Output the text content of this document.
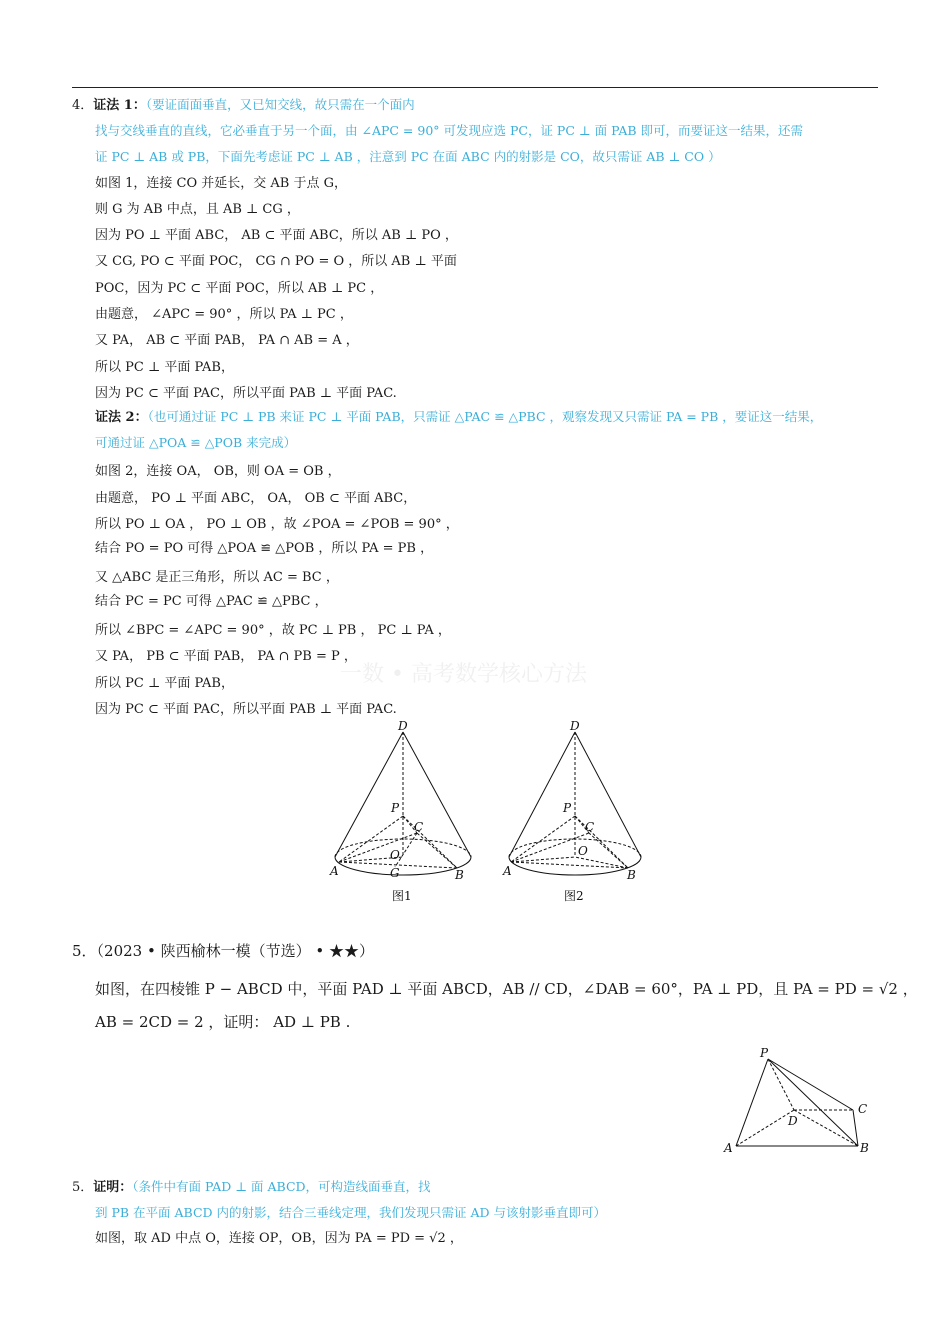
一数 • 高考数学核心方法
4．证法 1：（要证面面垂直，又已知交线，故只需在一个面内
找与交线垂直的直线，它必垂直于另一个面，由 ∠APC = 90° 可发现应选 PC，证 PC ⊥ 面 PAB 即可，而要证这一结果，还需
证 PC ⊥ AB 或 PB，下面先考虑证 PC ⊥ AB ，注意到 PC 在面 ABC 内的射影是 CO，故只需证 AB ⊥ CO ）
如图 1，连接 CO 并延长，交 AB 于点 G，
则 G 为 AB 中点，且 AB ⊥ CG ，
因为 PO ⊥ 平面 ABC， AB ⊂ 平面 ABC，所以 AB ⊥ PO ，
又 CG, PO ⊂ 平面 POC， CG ∩ PO = O ，所以 AB ⊥ 平面
POC，因为 PC ⊂ 平面 POC，所以 AB ⊥ PC ，
由题意， ∠APC = 90° ，所以 PA ⊥ PC ，
又 PA， AB ⊂ 平面 PAB， PA ∩ AB = A ，
所以 PC ⊥ 平面 PAB，
因为 PC ⊂ 平面 PAC，所以平面 PAB ⊥ 平面 PAC.
证法 2：（也可通过证 PC ⊥ PB 来证 PC ⊥ 平面 PAB，只需证 △PAC ≌ △PBC ，观察发现又只需证 PA = PB ，要证这一结果，
可通过证 △POA ≌ △POB 来完成）
如图 2，连接 OA， OB，则 OA = OB ，
由题意， PO ⊥ 平面 ABC， OA， OB ⊂ 平面 ABC，
所以 PO ⊥ OA ， PO ⊥ OB ，故 ∠POA = ∠POB = 90° ，
结合 PO = PO 可得 △POA ≌ △POB ，所以 PA = PB ，
又 △ABC 是正三角形，所以 AC = BC ，
结合 PC = PC 可得 △PAC ≌ △PBC ，
所以 ∠BPC = ∠APC = 90° ，故 PC ⊥ PB ， PC ⊥ PA ，
又 PA， PB ⊂ 平面 PAB， PA ∩ PB = P ，
所以 PC ⊥ 平面 PAB，
因为 PC ⊂ 平面 PAC，所以平面 PAB ⊥ 平面 PAC.
D
P
C
O
G
A	B
图1
D
P
C
O
A	B
图2
5．（2023 • 陕西榆林一模（节选） • ★★）
如图，在四棱锥 P − ABCD 中，平面 PAD ⊥ 平面 ABCD，AB // CD，∠DAB = 60°，PA ⊥ PD，且 PA = PD = √2 ，
AB = 2CD = 2 ，证明： AD ⊥ PB .
P
C
D
A	B
5．证明：（条件中有面 PAD ⊥ 面 ABCD，可构造线面垂直，找
到 PB 在平面 ABCD 内的射影，结合三垂线定理，我们发现只需证 AD 与该射影垂直即可）
如图，取 AD 中点 O，连接 OP，OB，因为 PA = PD = √2 ，
